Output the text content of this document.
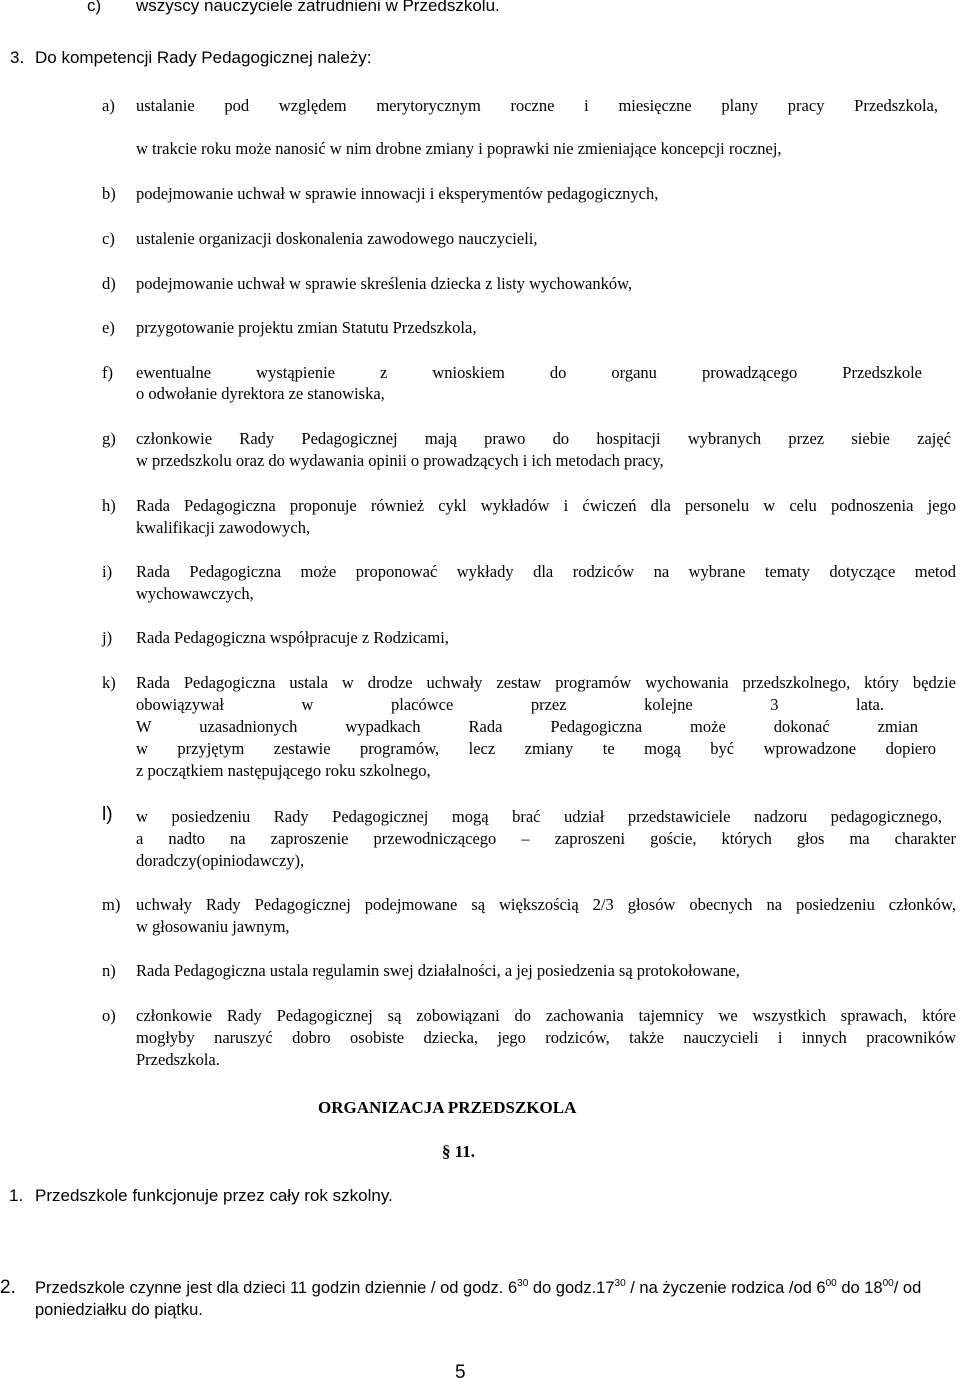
c) wszyscy nauczyciele zatrudnieni w Przedszkolu.
3. Do kompetencji Rady Pedagogicznej należy:
a) ustalanie pod względem merytorycznym roczne i miesięczne plany pracy Przedszkola,
w trakcie roku może nanosić w nim drobne zmiany i poprawki nie zmieniające koncepcji rocznej,
b) podejmowanie uchwał w sprawie innowacji i eksperymentów pedagogicznych,
c) ustalenie organizacji doskonalenia zawodowego nauczycieli,
d) podejmowanie uchwał w sprawie skreślenia dziecka z listy wychowanków,
e) przygotowanie projektu zmian Statutu Przedszkola,
f) ewentualne wystąpienie z wnioskiem do organu prowadzącego Przedszkole
o odwołanie dyrektora ze stanowiska,
g) członkowie Rady Pedagogicznej mają prawo do hospitacji wybranych przez siebie zajęć
w przedszkolu oraz do wydawania opinii o prowadzących i ich metodach pracy,
h) Rada Pedagogiczna proponuje również cykl wykładów i ćwiczeń dla personelu w celu podnoszenia jego
kwalifikacji zawodowych,
i) Rada Pedagogiczna może proponować wykłady dla rodziców na wybrane tematy dotyczące metod
wychowawczych,
j) Rada Pedagogiczna współpracuje z Rodzicami,
k) Rada Pedagogiczna ustala w drodze uchwały zestaw programów wychowania przedszkolnego, który będzie
obowiązywał w placówce przez kolejne 3 lata.
W uzasadnionych wypadkach Rada Pedagogiczna może dokonać zmian
w przyjętym zestawie programów, lecz zmiany te mogą być wprowadzone dopiero
z początkiem następującego roku szkolnego,
l) w posiedzeniu Rady Pedagogicznej mogą brać udział przedstawiciele nadzoru pedagogicznego,
a nadto na zaproszenie przewodniczącego – zaproszeni goście, których głos ma charakter
doradczy(opiniodawczy),
m) uchwały Rady Pedagogicznej podejmowane są większością 2/3 głosów obecnych na posiedzeniu członków,
w głosowaniu jawnym,
n) Rada Pedagogiczna ustala regulamin swej działalności, a jej posiedzenia są protokołowane,
o) członkowie Rady Pedagogicznej są zobowiązani do zachowania tajemnicy we wszystkich sprawach, które
mogłyby naruszyć dobro osobiste dziecka, jego rodziców, także nauczycieli i innych pracowników
Przedszkola.
ORGANIZACJA PRZEDSZKOLA
§ 11.
1. Przedszkole funkcjonuje przez cały rok szkolny.
2. Przedszkole czynne jest dla dzieci 11 godzin dziennie / od godz. $6^{30}$ do $godz.17^{30}$ / na życzenie rodzica /od $6^{00}$ do $18^{00}/$ od
poniedziałku do piątku.
5
